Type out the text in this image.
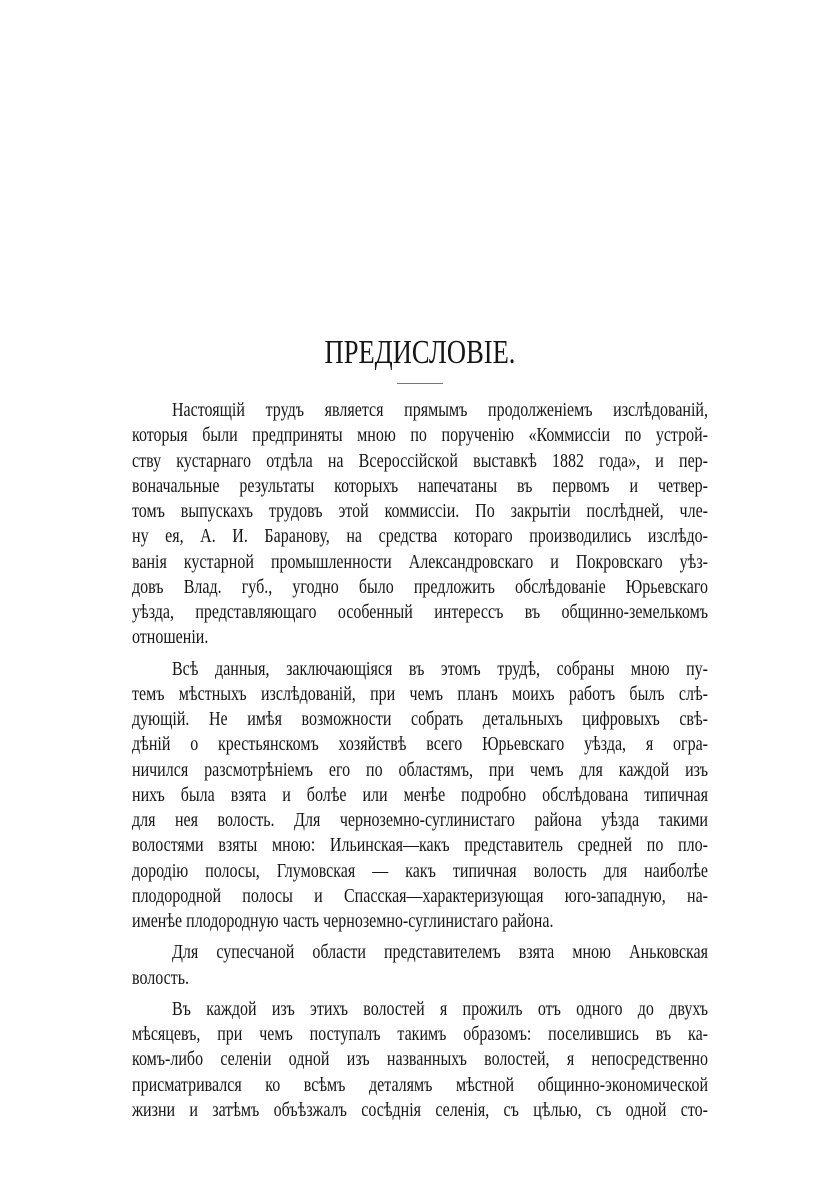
ПРЕДИСЛОВІЕ.
Настоящій трудъ является прямымъ продолженіемъ изслѣдованій,
которыя были предприняты мною по порученію «Коммиссіи по устрой-
ству кустарнаго отдѣла на Всероссійской выставкѣ 1882 года», и пер-
воначальные результаты которыхъ напечатаны въ первомъ и четвер-
томъ выпускахъ трудовъ этой коммиссіи. По закрытіи послѣдней, чле-
ну ея, А. И. Баранову, на средства котораго производились изслѣдо-
ванія кустарной промышленности Александровскаго и Покровскаго уѣз-
довъ Влад. губ., угодно было предложить обслѣдованіе Юрьевскаго
уѣзда, представляющаго особенный интерессъ въ общинно-земелькомъ
отношеніи.
Всѣ данныя, заключающіяся въ этомъ трудѣ, собраны мною пу-
темъ мѣстныхъ изслѣдованій, при чемъ планъ моихъ работъ былъ слѣ-
дующій. Не имѣя возможности собрать детальныхъ цифровыхъ свѣ-
дѣній о крестьянскомъ хозяйствѣ всего Юрьевскаго уѣзда, я огра-
ничился разсмотрѣніемъ его по областямъ, при чемъ для каждой изъ
нихъ была взята и болѣе или менѣе подробно обслѣдована типичная
для нея волость. Для черноземно-суглинистаго района уѣзда такими
волостями взяты мною: Ильинская—какъ представитель средней по пло-
дородію полосы, Глумовская — какъ типичная волость для наиболѣе
плодородной полосы и Спасская—характеризующая юго-западную, на-
именѣе плодородную часть черноземно-суглинистаго района.
Для супесчаной области представителемъ взята мною Аньковская
волость.
Въ каждой изъ этихъ волостей я прожилъ отъ одного до двухъ
мѣсяцевъ, при чемъ поступалъ такимъ образомъ: поселившись въ ка-
комъ-либо селеніи одной изъ названныхъ волостей, я непосредственно
присматривался ко всѣмъ деталямъ мѣстной общинно-экономической
жизни и затѣмъ объѣзжалъ сосѣднія селенія, съ цѣлью, съ одной сто-
